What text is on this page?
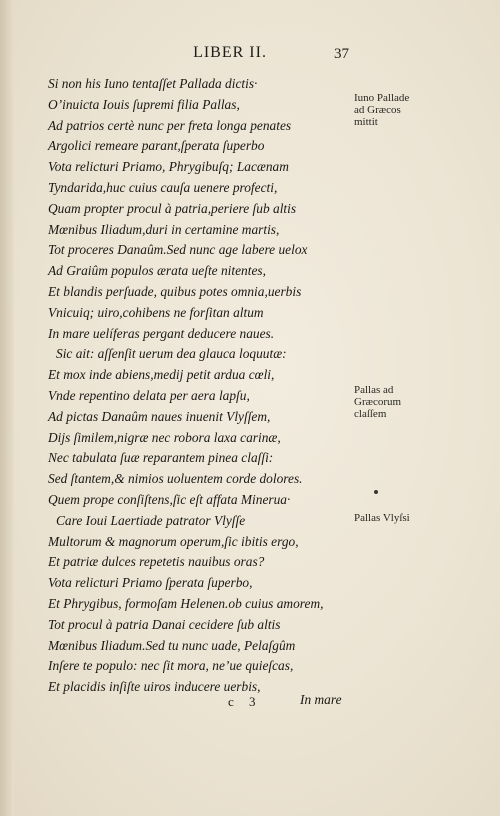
LIBER II.	37
Si non his Iuno tentaſſet Pallada dictis·
O’inuicta Iouis ſupremi filia Pallas,
Ad patrios certè nunc per freta longa penates
Argolici remeare parant,ſperata ſuperbo
Vota relicturi Priamo, Phrygibuſq; Lacænam
Tyndarida,huc cuius cauſa uenere profecti,
Quam propter procul à patria,periere ſub altis
Mœnibus Iliadum,duri in certamine martis,
Tot proceres Danaûm.Sed nunc age labere uelox
Ad Graiûm populos ærata ueſte nitentes,
Et blandis perſuade, quibus potes omnia,uerbis
Vnicuiq; uiro,cohibens ne forſitan altum
In mare uelíferas pergant deducere naues.
Sic ait: aſſenſit uerum dea glauca loquutæ:
Et mox inde abiens,medij petit ardua cœli,
Vnde repentino delata per aera lapſu,
Ad pictas Danaûm naues inuenit Vlyſſem,
Dijs ſimilem,nigræ nec robora laxa carinæ,
Nec tabulata ſuæ reparantem pinea claſſi:
Sed ſtantem,& nimios uoluentem corde dolores.
Quem prope conſiſtens,ſic eſt affata Minerua·
Care Ioui Laertiade patrator Vlyſſe
Multorum & magnorum operum,ſic ibitis ergo,
Et patriæ dulces repetetis nauibus oras?
Vota relicturi Priamo ſperata ſuperbo,
Et Phrygibus, formoſam Helenen.ob cuius amorem,
Tot procul à patria Danai cecidere ſub altis
Mœnibus Iliadum.Sed tu nunc uade, Pelaſgûm
Inſere te populo: nec ſit mora, ne’ue quieſcas,
Et placidis inſiſte uiros inducere uerbis,
Iuno Pallade
ad Græcos
mittit
Pallas ad
Græcorum
claſſem
Pallas Vlyſsi
c 3	In mare
